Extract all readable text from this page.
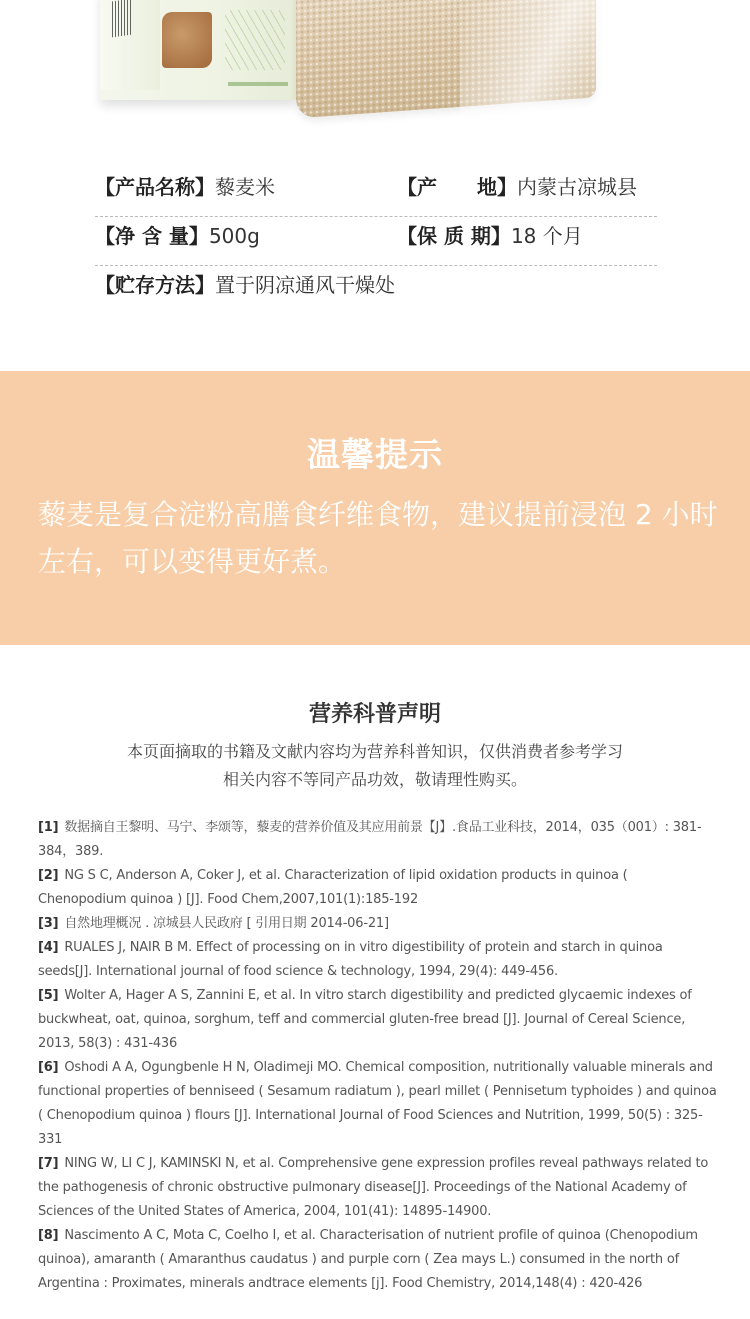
【产品名称】藜麦米	【产　　地】内蒙古凉城县
【净 含 量】500g	【保 质 期】18 个月
【贮存方法】置于阴凉通风干燥处
温馨提示
藜麦是复合淀粉高膳食纤维食物，建议提前浸泡 2 小时左右，可以变得更好煮。
营养科普声明
本页面摘取的书籍及文献内容均为营养科普知识，仅供消费者参考学习
相关内容不等同产品功效，敬请理性购买。

[1] 数据摘自王黎明、马宁、李颂等，藜麦的营养价值及其应用前景【J】.食品工业科技，2014，035（001）: 381-384，389.

[2] NG S C, Anderson A, Coker J, et al. Characterization of lipid oxidation products in quinoa ( Chenopodium quinoa ) [J]. Food Chem,2007,101(1):185-192

[3] 自然地理概况 . 凉城县人民政府 [ 引用日期 2014-06-21]

[4] RUALES J, NAIR B M. Effect of processing on in vitro digestibility of protein and starch in quinoa seeds[J]. International journal of food science & technology, 1994, 29(4): 449-456.

[5] Wolter A, Hager A S, Zannini E, et al. In vitro starch digestibility and predicted glycaemic indexes of buckwheat, oat, quinoa, sorghum, teff and commercial gluten-free bread [J]. Journal of Cereal Science, 2013, 58(3) : 431-436

[6] Oshodi A A, Ogungbenle H N, Oladimeji MO. Chemical composition, nutritionally valuable minerals and functional properties of benniseed ( Sesamum radiatum ), pearl millet ( Pennisetum typhoides ) and quinoa ( Chenopodium quinoa ) flours [J]. International Journal of Food Sciences and Nutrition, 1999, 50(5) : 325-331

[7] NING W, LI C J, KAMINSKI N, et al. Comprehensive gene expression profiles reveal pathways related to the pathogenesis of chronic obstructive pulmonary disease[J]. Proceedings of the National Academy of Sciences of the United States of America, 2004, 101(41): 14895-14900.

[8] Nascimento A C, Mota C, Coelho I, et al. Characterisation of nutrient profile of quinoa (Chenopodium quinoa), amaranth ( Amaranthus caudatus ) and purple corn ( Zea mays L.) consumed in the north of Argentina : Proximates, minerals andtrace elements [j]. Food Chemistry, 2014,148(4) : 420-426
